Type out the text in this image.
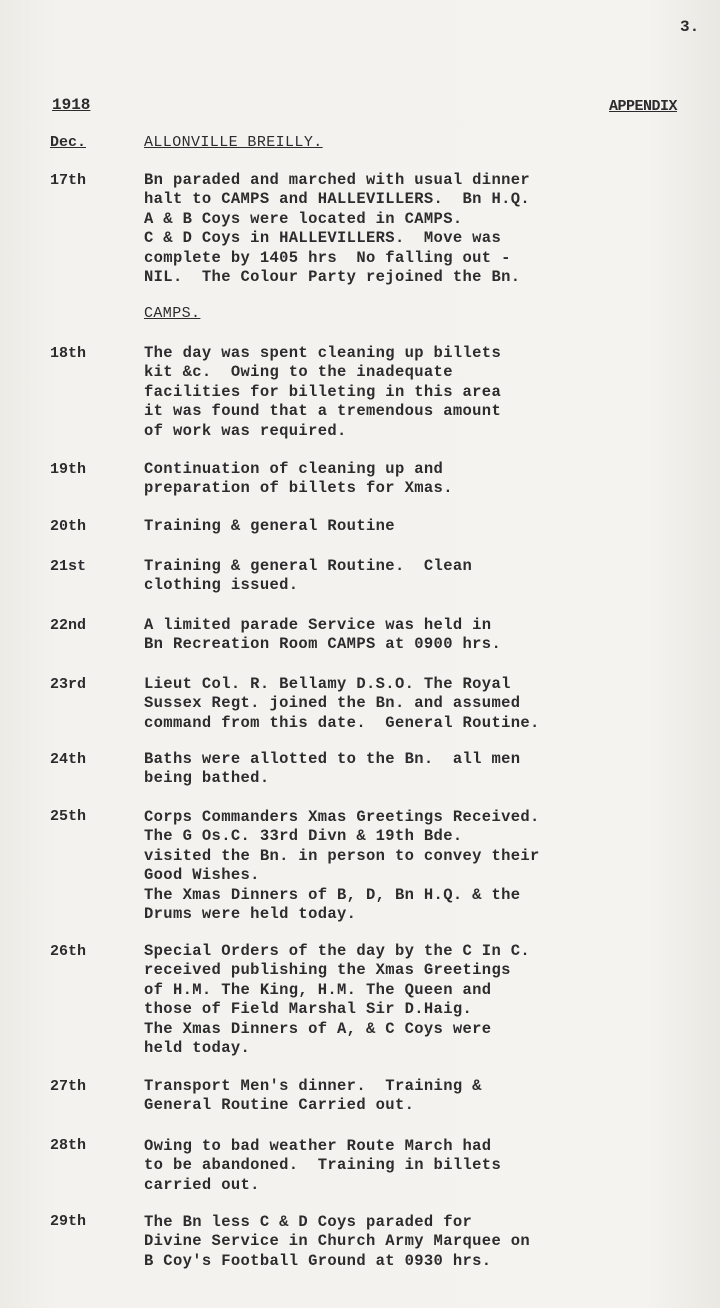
3.
1918	APPENDIX
Dec.	ALLONVILLE BREILLY.
CAMPS.
17th	Bn paraded and marched with usual dinner
halt to CAMPS and HALLEVILLERS.  Bn H.Q.
A & B Coys were located in CAMPS.
C & D Coys in HALLEVILLERS.  Move was
complete by 1405 hrs  No falling out -
NIL.  The Colour Party rejoined the Bn.
18th	The day was spent cleaning up billets
kit &c.  Owing to the inadequate
facilities for billeting in this area
it was found that a tremendous amount
of work was required.
19th	Continuation of cleaning up and
preparation of billets for Xmas.
20th	Training & general Routine
21st	Training & general Routine.  Clean
clothing issued.
22nd	A limited parade Service was held in
Bn Recreation Room CAMPS at 0900 hrs.
23rd	Lieut Col. R. Bellamy D.S.O. The Royal
Sussex Regt. joined the Bn. and assumed
command from this date.  General Routine.
24th	Baths were allotted to the Bn.  all men
being bathed.
25th	Corps Commanders Xmas Greetings Received.
The G Os.C. 33rd Divn & 19th Bde.
visited the Bn. in person to convey their
Good Wishes.
The Xmas Dinners of B, D, Bn H.Q. & the
Drums were held today.
26th	Special Orders of the day by the C In C.
received publishing the Xmas Greetings
of H.M. The King, H.M. The Queen and
those of Field Marshal Sir D.Haig.
The Xmas Dinners of A, & C Coys were
held today.
27th	Transport Men's dinner.  Training &
General Routine Carried out.
28th	Owing to bad weather Route March had
to be abandoned.  Training in billets
carried out.
29th	The Bn less C & D Coys paraded for
Divine Service in Church Army Marquee on
B Coy's Football Ground at 0930 hrs.
